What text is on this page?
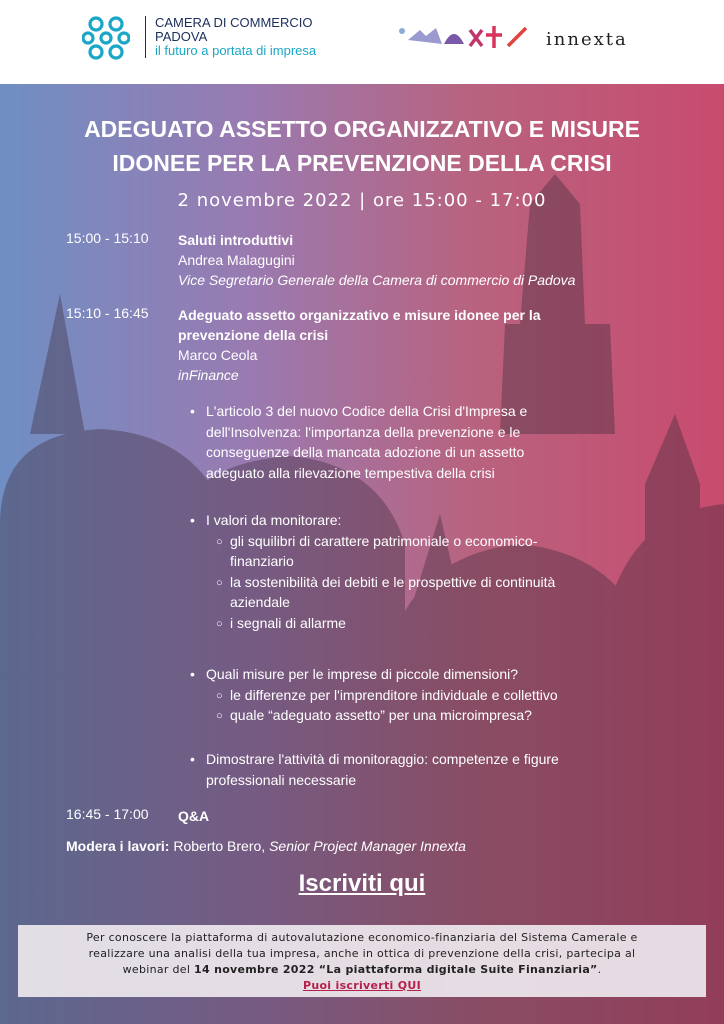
CAMERA DI COMMERCIO
PADOVA
il futuro a portata di impresa
innexta
ADEGUATO ASSETTO ORGANIZZATIVO E MISURE
IDONEE PER LA PREVENZIONE DELLA CRISI
2 novembre 2022 | ore 15:00 - 17:00
15:00 - 15:10 Saluti introduttivi
Andrea Malagugini
Vice Segretario Generale della Camera di commercio di Padova
15:10 - 16:45 Adeguato assetto organizzativo e misure idonee per la
prevenzione della crisi
Marco Ceola
inFinance
• L'articolo 3 del nuovo Codice della Crisi d'Impresa e
dell'Insolvenza: l'importanza della prevenzione e le
conseguenze della mancata adozione di un assetto
adeguato alla rilevazione tempestiva della crisi
• I valori da monitorare:
○ gli squilibri di carattere patrimoniale o economico-
finanziario
○ la sostenibilità dei debiti e le prospettive di continuità
aziendale
○ i segnali di allarme
• Quali misure per le imprese di piccole dimensioni?
○ le differenze per l'imprenditore individuale e collettivo
○ quale “adeguato assetto” per una microimpresa?
• Dimostrare l'attività di monitoraggio: competenze e figure
professionali necessarie
16:45 - 17:00 Q&A
Modera i lavori: Roberto Brero, Senior Project Manager Innexta
Iscriviti qui
Per conoscere la piattaforma di autovalutazione economico-finanziaria del Sistema Camerale e
realizzare una analisi della tua impresa, anche in ottica di prevenzione della crisi, partecipa al
webinar del 14 novembre 2022 “La piattaforma digitale Suite Finanziaria”.
Puoi iscriverti QUI
